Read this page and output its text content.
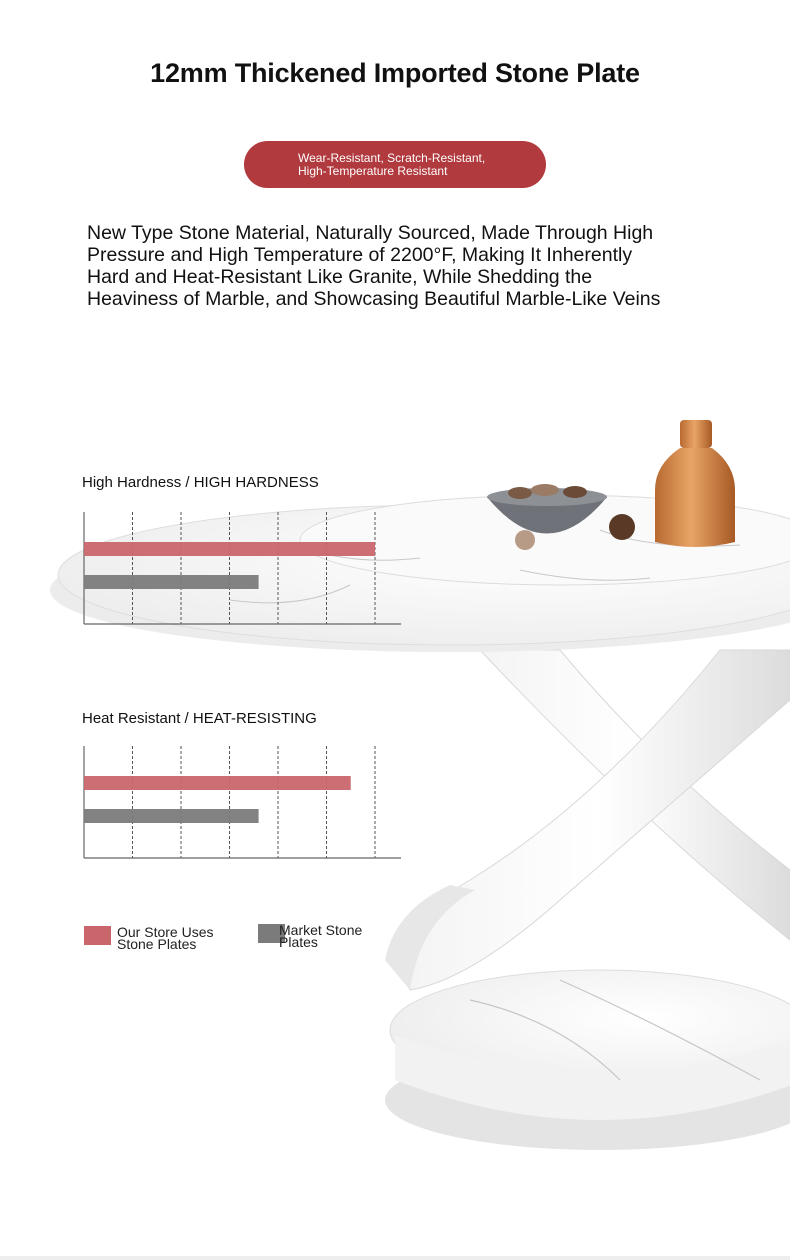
12mm Thickened Imported Stone Plate
Wear-Resistant, Scratch-Resistant,
High-Temperature Resistant
New Type Stone Material, Naturally Sourced, Made Through High
Pressure and High Temperature of 2200°F, Making It Inherently
Hard and Heat-Resistant Like Granite, While Shedding the
Heaviness of Marble, and Showcasing Beautiful Marble-Like Veins
High Hardness / HIGH HARDNESS
Heat Resistant / HEAT-RESISTING
Our Store Uses Stone Plates
Market Stone Plates
